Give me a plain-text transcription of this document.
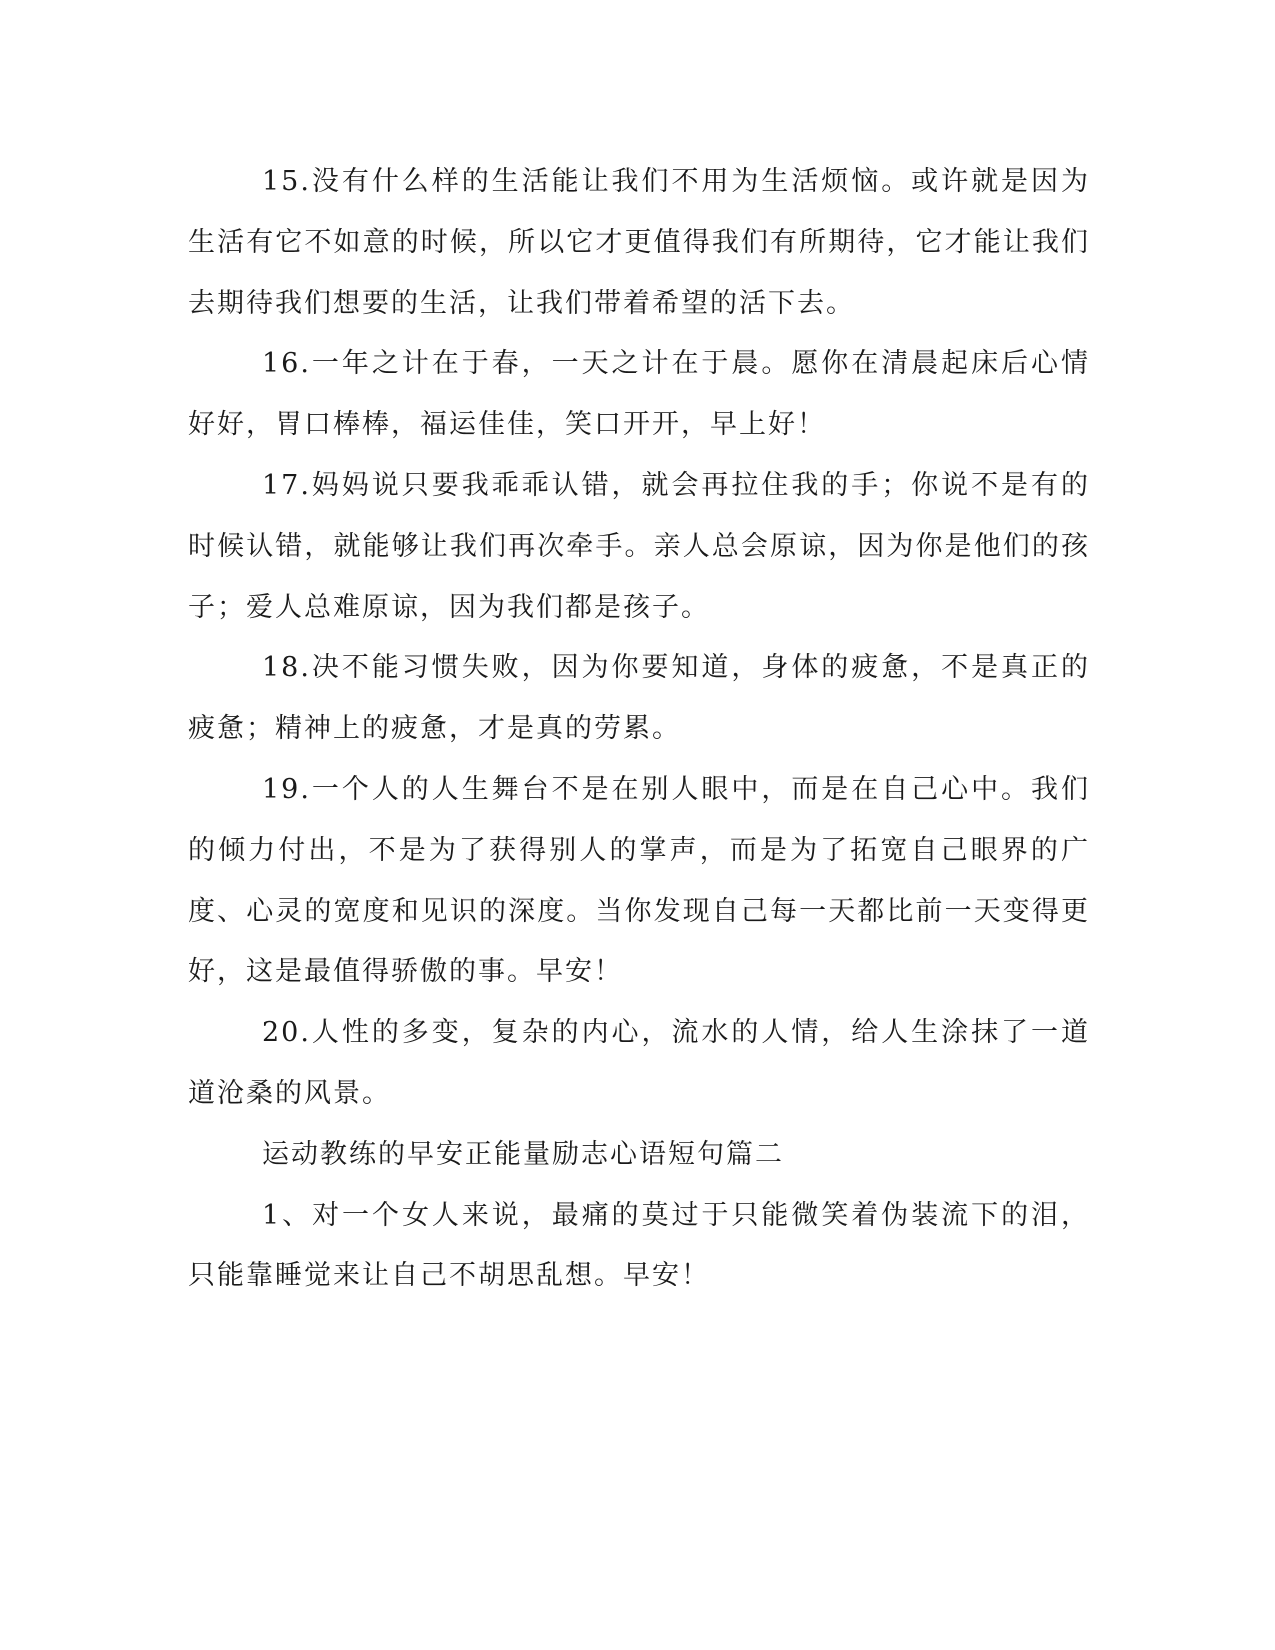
15.没有什么样的生活能让我们不用为生活烦恼。或许就是因为生活有它不如意的时候，所以它才更值得我们有所期待，它才能让我们去期待我们想要的生活，让我们带着希望的活下去。

16.一年之计在于春，一天之计在于晨。愿你在清晨起床后心情好好，胃口棒棒，福运佳佳，笑口开开，早上好！

17.妈妈说只要我乖乖认错，就会再拉住我的手；你说不是有的时候认错，就能够让我们再次牵手。亲人总会原谅，因为你是他们的孩子；爱人总难原谅，因为我们都是孩子。

18.决不能习惯失败，因为你要知道，身体的疲惫，不是真正的疲惫；精神上的疲惫，才是真的劳累。

19.一个人的人生舞台不是在别人眼中，而是在自己心中。我们的倾力付出，不是为了获得别人的掌声，而是为了拓宽自己眼界的广度、心灵的宽度和见识的深度。当你发现自己每一天都比前一天变得更好，这是最值得骄傲的事。早安！

20.人性的多变，复杂的内心，流水的人情，给人生涂抹了一道道沧桑的风景。

运动教练的早安正能量励志心语短句篇二

1、对一个女人来说，最痛的莫过于只能微笑着伪装流下的泪，只能靠睡觉来让自己不胡思乱想。早安！
